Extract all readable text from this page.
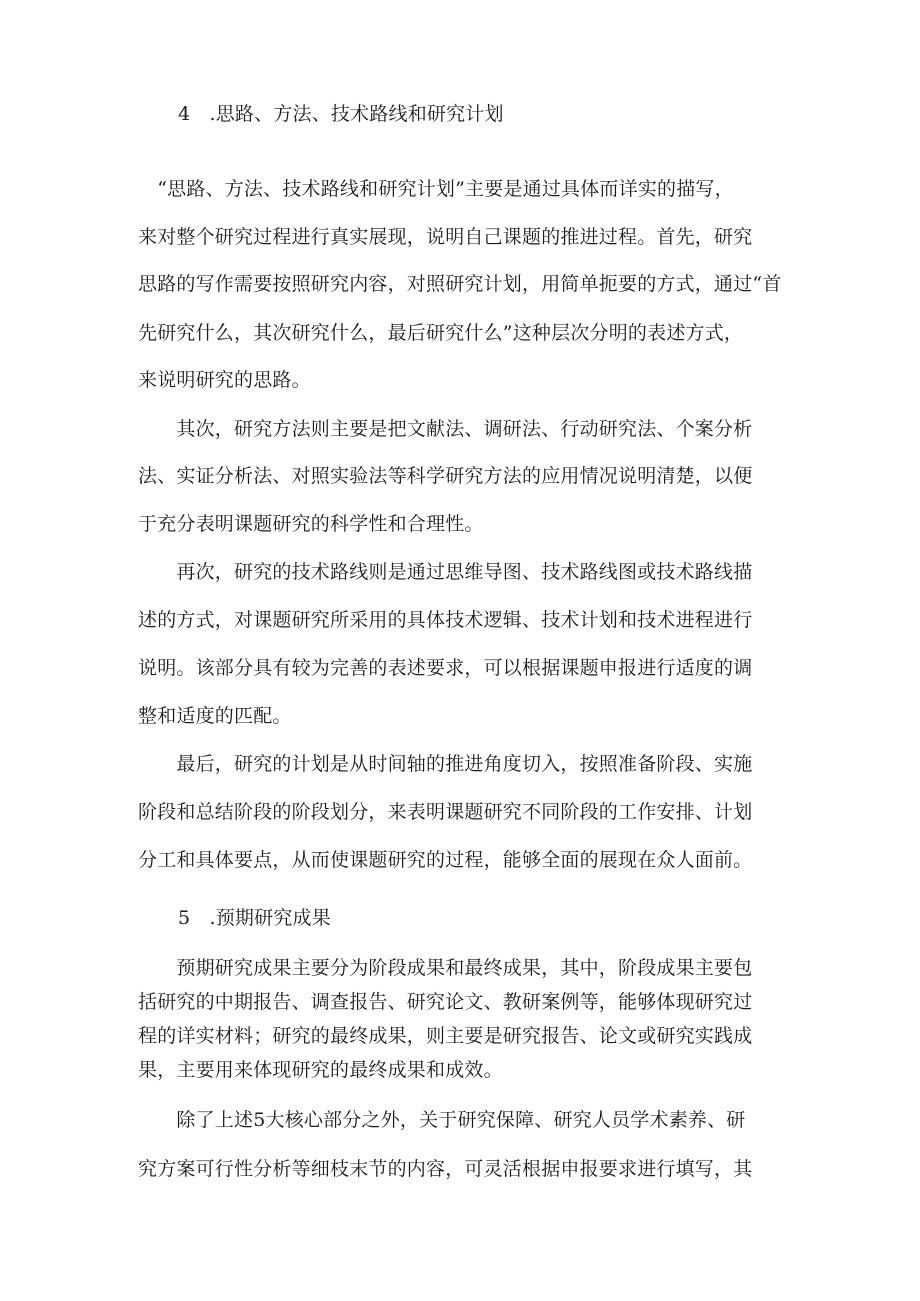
4　.思路、方法、技术路线和研究计划
　“思路、方法、技术路线和研究计划”主要是通过具体而详实的描写，
来对整个研究过程进行真实展现，说明自己课题的推进过程。首先，研究
思路的写作需要按照研究内容，对照研究计划，用简单扼要的方式，通过“首
先研究什么，其次研究什么，最后研究什么”这种层次分明的表述方式，
来说明研究的思路。
　　其次，研究方法则主要是把文献法、调研法、行动研究法、个案分析
法、实证分析法、对照实验法等科学研究方法的应用情况说明清楚，以便
于充分表明课题研究的科学性和合理性。
　　再次，研究的技术路线则是通过思维导图、技术路线图或技术路线描
述的方式，对课题研究所采用的具体技术逻辑、技术计划和技术进程进行
说明。该部分具有较为完善的表述要求，可以根据课题申报进行适度的调
整和适度的匹配。
　　最后，研究的计划是从时间轴的推进角度切入，按照准备阶段、实施
阶段和总结阶段的阶段划分，来表明课题研究不同阶段的工作安排、计划
分工和具体要点，从而使课题研究的过程，能够全面的展现在众人面前。
5　.预期研究成果
　　预期研究成果主要分为阶段成果和最终成果，其中，阶段成果主要包
括研究的中期报告、调查报告、研究论文、教研案例等，能够体现研究过
程的详实材料；研究的最终成果，则主要是研究报告、论文或研究实践成
果，主要用来体现研究的最终成果和成效。
　　除了上述5大核心部分之外，关于研究保障、研究人员学术素养、研
究方案可行性分析等细枝末节的内容，可灵活根据申报要求进行填写，其
